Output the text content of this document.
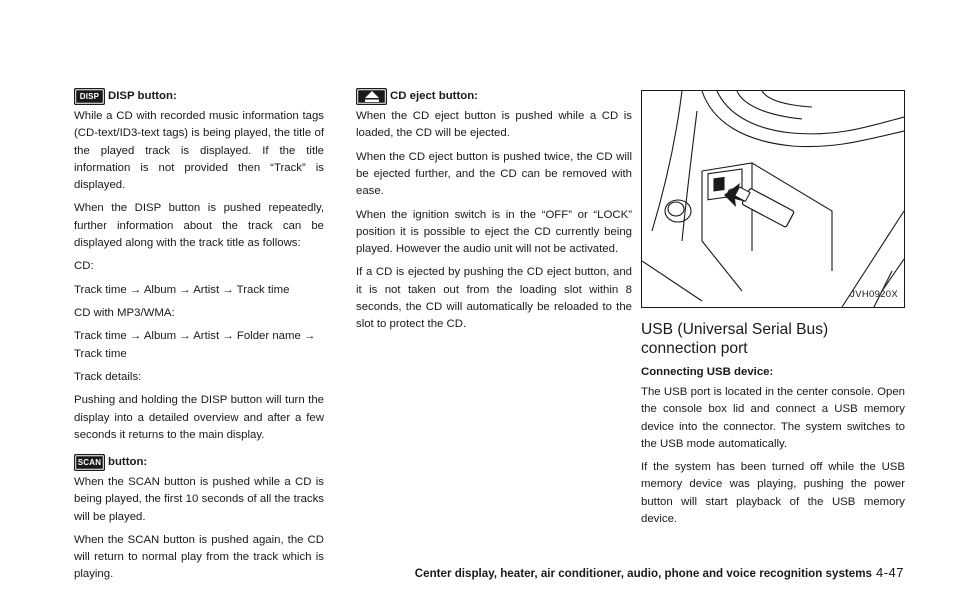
DISP DISP button:

While a CD with recorded music information tags (CD-text/ID3-text tags) is being played, the title of the played track is displayed. If the title information is not provided then “Track” is displayed.

When the DISP button is pushed repeatedly, further information about the track can be displayed along with the track title as follows:

CD:

Track time → Album → Artist → Track time

CD with MP3/WMA:

Track time → Album → Artist → Folder name → Track time

Track details:

Pushing and holding the DISP button will turn the display into a detailed overview and after a few seconds it returns to the main display.

SCAN button:

When the SCAN button is pushed while a CD is being played, the first 10 seconds of all the tracks will be played.

When the SCAN button is pushed again, the CD will return to normal play from the track which is playing.

CD eject button:

When the CD eject button is pushed while a CD is loaded, the CD will be ejected.

When the CD eject button is pushed twice, the CD will be ejected further, and the CD can be removed with ease.

When the ignition switch is in the “OFF” or “LOCK” position it is possible to eject the CD currently being played. However the audio unit will not be activated.

If a CD is ejected by pushing the CD eject button, and it is not taken out from the loading slot within 8 seconds, the CD will automatically be reloaded to the slot to protect the CD.

JVH0920X
USB (Universal Serial Bus) connection port
Connecting USB device:

The USB port is located in the center console. Open the console box lid and connect a USB memory device into the connector. The system switches to the USB mode automatically.

If the system has been turned off while the USB memory device was playing, pushing the power button will start playback of the USB memory device.

Center display, heater, air conditioner, audio, phone and voice recognition systems 4-47
